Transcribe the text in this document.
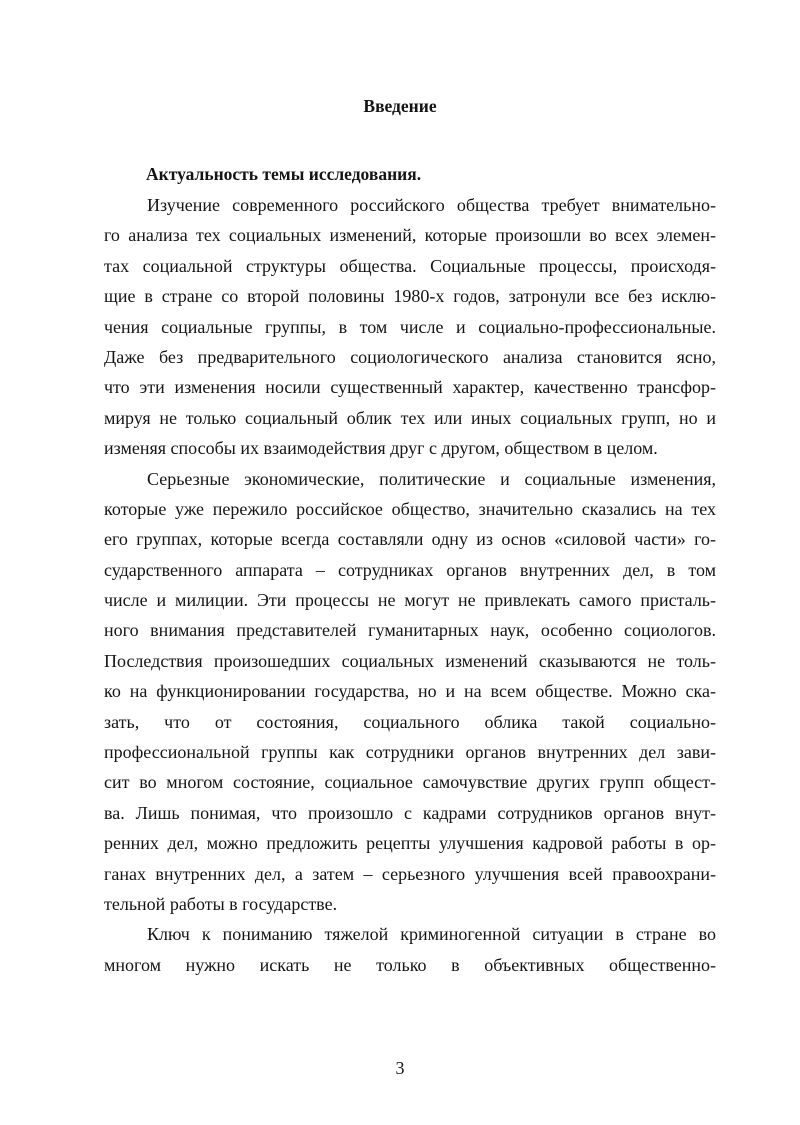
Введение
Актуальность темы исследования.
Изучение современного российского общества требует внимательно-
го анализа тех социальных изменений, которые произошли во всех элемен-
тах социальной структуры общества. Социальные процессы, происходя-
щие в стране со второй половины 1980-х годов, затронули все без исклю-
чения социальные группы, в том числе и социально-профессиональные.
Даже без предварительного социологического анализа становится ясно,
что эти изменения носили существенный характер, качественно трансфор-
мируя не только социальный облик тех или иных социальных групп, но и
изменяя способы их взаимодействия друг с другом, обществом в целом.
Серьезные экономические, политические и социальные изменения,
которые уже пережило российское общество, значительно сказались на тех
его группах, которые всегда составляли одну из основ «силовой части» го-
сударственного аппарата – сотрудниках органов внутренних дел, в том
числе и милиции. Эти процессы не могут не привлекать самого присталь-
ного внимания представителей гуманитарных наук, особенно социологов.
Последствия произошедших социальных изменений сказываются не толь-
ко на функционировании государства, но и на всем обществе. Можно ска-
зать, что от состояния, социального облика такой социально-
профессиональной группы как сотрудники органов внутренних дел зави-
сит во многом состояние, социальное самочувствие других групп общест-
ва. Лишь понимая, что произошло с кадрами сотрудников органов внут-
ренних дел, можно предложить рецепты улучшения кадровой работы в ор-
ганах внутренних дел, а затем – серьезного улучшения всей правоохрани-
тельной работы в государстве.
Ключ к пониманию тяжелой криминогенной ситуации в стране во
многом нужно искать не только в объективных общественно-
3
